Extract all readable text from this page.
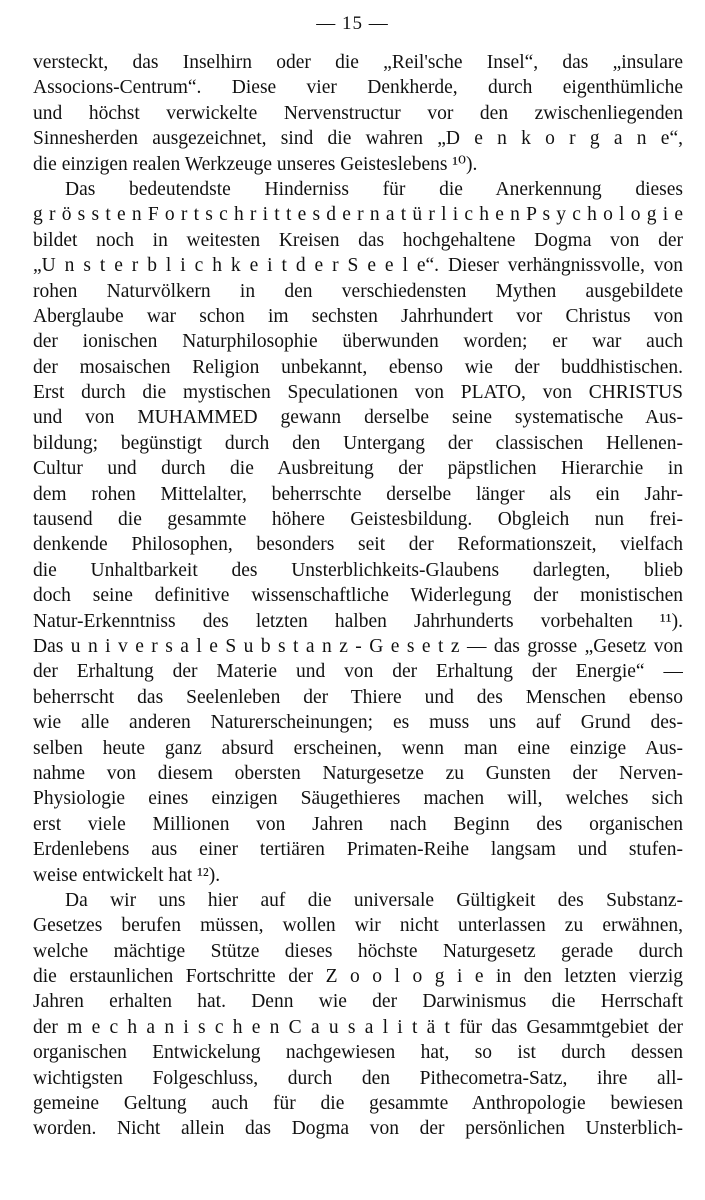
— 15 —
versteckt, das Inselhirn oder die „Reil'sche Insel“, das „insulare
Associons-Centrum“. Diese vier Denkherde, durch eigenthümliche
und höchst verwickelte Nervenstructur vor den zwischenliegenden
Sinnesherden ausgezeichnet, sind die wahren „D e n k o r g a n e“,
die einzigen realen Werkzeuge unseres Geisteslebens ¹⁰).
Das bedeutendste Hinderniss für die Anerkennung dieses
g r ö s s t e n F o r t s c h r i t t e s d e r n a t ü r l i c h e n P s y c h o l o g i e
bildet noch in weitesten Kreisen das hochgehaltene Dogma von der
„U n s t e r b l i c h k e i t d e r S e e l e“. Dieser verhängnissvolle, von
rohen Naturvölkern in den verschiedensten Mythen ausgebildete
Aberglaube war schon im sechsten Jahrhundert vor Christus von
der ionischen Naturphilosophie überwunden worden; er war auch
der mosaischen Religion unbekannt, ebenso wie der buddhistischen.
Erst durch die mystischen Speculationen von PLATO, von CHRISTUS
und von MUHAMMED gewann derselbe seine systematische Aus-
bildung; begünstigt durch den Untergang der classischen Hellenen-
Cultur und durch die Ausbreitung der päpstlichen Hierarchie in
dem rohen Mittelalter, beherrschte derselbe länger als ein Jahr-
tausend die gesammte höhere Geistesbildung. Obgleich nun frei-
denkende Philosophen, besonders seit der Reformationszeit, vielfach
die Unhaltbarkeit des Unsterblichkeits-Glaubens darlegten, blieb
doch seine definitive wissenschaftliche Widerlegung der monistischen
Natur-Erkenntniss des letzten halben Jahrhunderts vorbehalten ¹¹).
Das u n i v e r s a l e S u b s t a n z - G e s e t z — das grosse „Gesetz von
der Erhaltung der Materie und von der Erhaltung der Energie“ —
beherrscht das Seelenleben der Thiere und des Menschen ebenso
wie alle anderen Naturerscheinungen; es muss uns auf Grund des-
selben heute ganz absurd erscheinen, wenn man eine einzige Aus-
nahme von diesem obersten Naturgesetze zu Gunsten der Nerven-
Physiologie eines einzigen Säugethieres machen will, welches sich
erst viele Millionen von Jahren nach Beginn des organischen
Erdenlebens aus einer tertiären Primaten-Reihe langsam und stufen-
weise entwickelt hat ¹²).
Da wir uns hier auf die universale Gültigkeit des Substanz-
Gesetzes berufen müssen, wollen wir nicht unterlassen zu erwähnen,
welche mächtige Stütze dieses höchste Naturgesetz gerade durch
die erstaunlichen Fortschritte der Z o o l o g i e in den letzten vierzig
Jahren erhalten hat. Denn wie der Darwinismus die Herrschaft
der m e c h a n i s c h e n C a u s a l i t ä t für das Gesammtgebiet der
organischen Entwickelung nachgewiesen hat, so ist durch dessen
wichtigsten Folgeschluss, durch den Pithecometra-Satz, ihre all-
gemeine Geltung auch für die gesammte Anthropologie bewiesen
worden. Nicht allein das Dogma von der persönlichen Unsterblich-
